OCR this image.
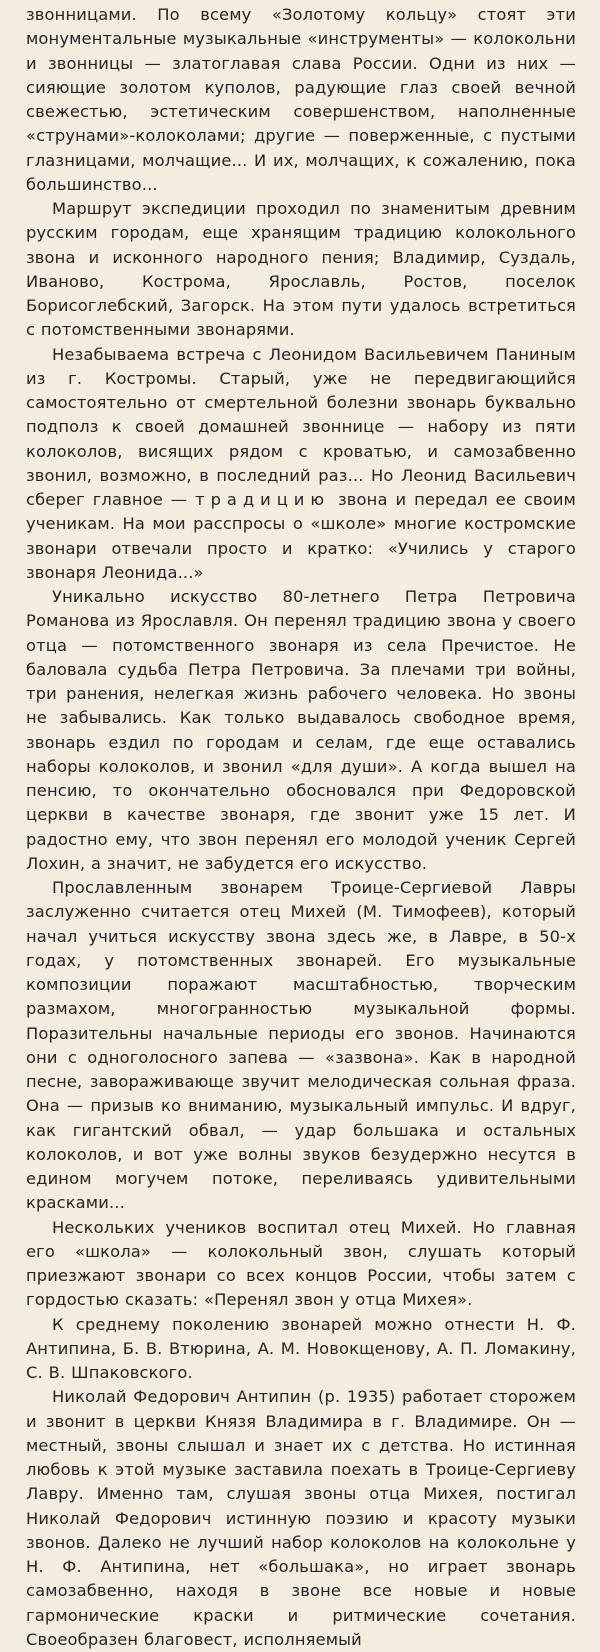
звонницами. По всему «Золотому кольцу» стоят эти монументальные музыкальные «инструменты» — колокольни и звонницы — златоглавая слава России. Одни из них — сияющие золотом куполов, радующие глаз своей вечной свежестью, эстетическим совершенством, наполненные «струнами»-колоколами; другие — поверженные, с пустыми глазницами, молчащие... И их, молчащих, к сожалению, пока большинство...

Маршрут экспедиции проходил по знаменитым древним русским городам, еще хранящим традицию колокольного звона и исконного народного пения; Владимир, Суздаль, Иваново, Кострома, Ярославль, Ростов, поселок Борисоглебский, Загорск. На этом пути удалось встретиться с потомственными звонарями.

Незабываема встреча с Леонидом Васильевичем Паниным из г. Костромы. Старый, уже не передвигающийся самостоятельно от смертельной болезни звонарь буквально подполз к своей домашней звоннице — набору из пяти колоколов, висящих рядом с кроватью, и самозабвенно звонил, возможно, в последний раз... Но Леонид Васильевич сберег главное — традицию звона и передал ее своим ученикам. На мои расспросы о «школе» многие костромские звонари отвечали просто и кратко: «Учились у старого звонаря Леонида...»

Уникально искусство 80-летнего Петра Петровича Романова из Ярославля. Он перенял традицию звона у своего отца — потомственного звонаря из села Пречистое. Не баловала судьба Петра Петровича. За плечами три войны, три ранения, нелегкая жизнь рабочего человека. Но звоны не забывались. Как только выдавалось свободное время, звонарь ездил по городам и селам, где еще оставались наборы колоколов, и звонил «для души». А когда вышел на пенсию, то окончательно обосновался при Федоровской церкви в качестве звонаря, где звонит уже 15 лет. И радостно ему, что звон перенял его молодой ученик Сергей Лохин, а значит, не забудется его искусство.

Прославленным звонарем Троице-Сергиевой Лавры заслуженно считается отец Михей (М. Тимофеев), который начал учиться искусству звона здесь же, в Лавре, в 50-х годах, у потомственных звонарей. Его музыкальные композиции поражают масштабностью, творческим размахом, многогранностью музыкальной формы. Поразительны начальные периоды его звонов. Начинаются они с одноголосного запева — «зазвона». Как в народной песне, завораживающе звучит мелодическая сольная фраза. Она — призыв ко вниманию, музыкальный импульс. И вдруг, как гигантский обвал, — удар большака и остальных колоколов, и вот уже волны звуков безудержно несутся в едином могучем потоке, переливаясь удивительными красками...

Нескольких учеников воспитал отец Михей. Но главная его «школа» — колокольный звон, слушать который приезжают звонари со всех концов России, чтобы затем с гордостью сказать: «Перенял звон у отца Михея».

К среднему поколению звонарей можно отнести Н. Ф. Антипина, Б. В. Втюрина, А. М. Новокщенову, А. П. Ломакину, С. В. Шпаковского.

Николай Федорович Антипин (р. 1935) работает сторожем и звонит в церкви Князя Владимира в г. Владимире. Он — местный, звоны слышал и знает их с детства. Но истинная любовь к этой музыке заставила поехать в Троице-Сергиеву Лавру. Именно там, слушая звоны отца Михея, постигал Николай Федорович истинную поэзию и красоту музыки звонов. Далеко не лучший набор колоколов на колокольне у Н. Ф. Антипина, нет «большака», но играет звонарь самозабвенно, находя в звоне все новые и новые гармонические краски и ритмические сочетания. Своеобразен благовест, исполняемый
